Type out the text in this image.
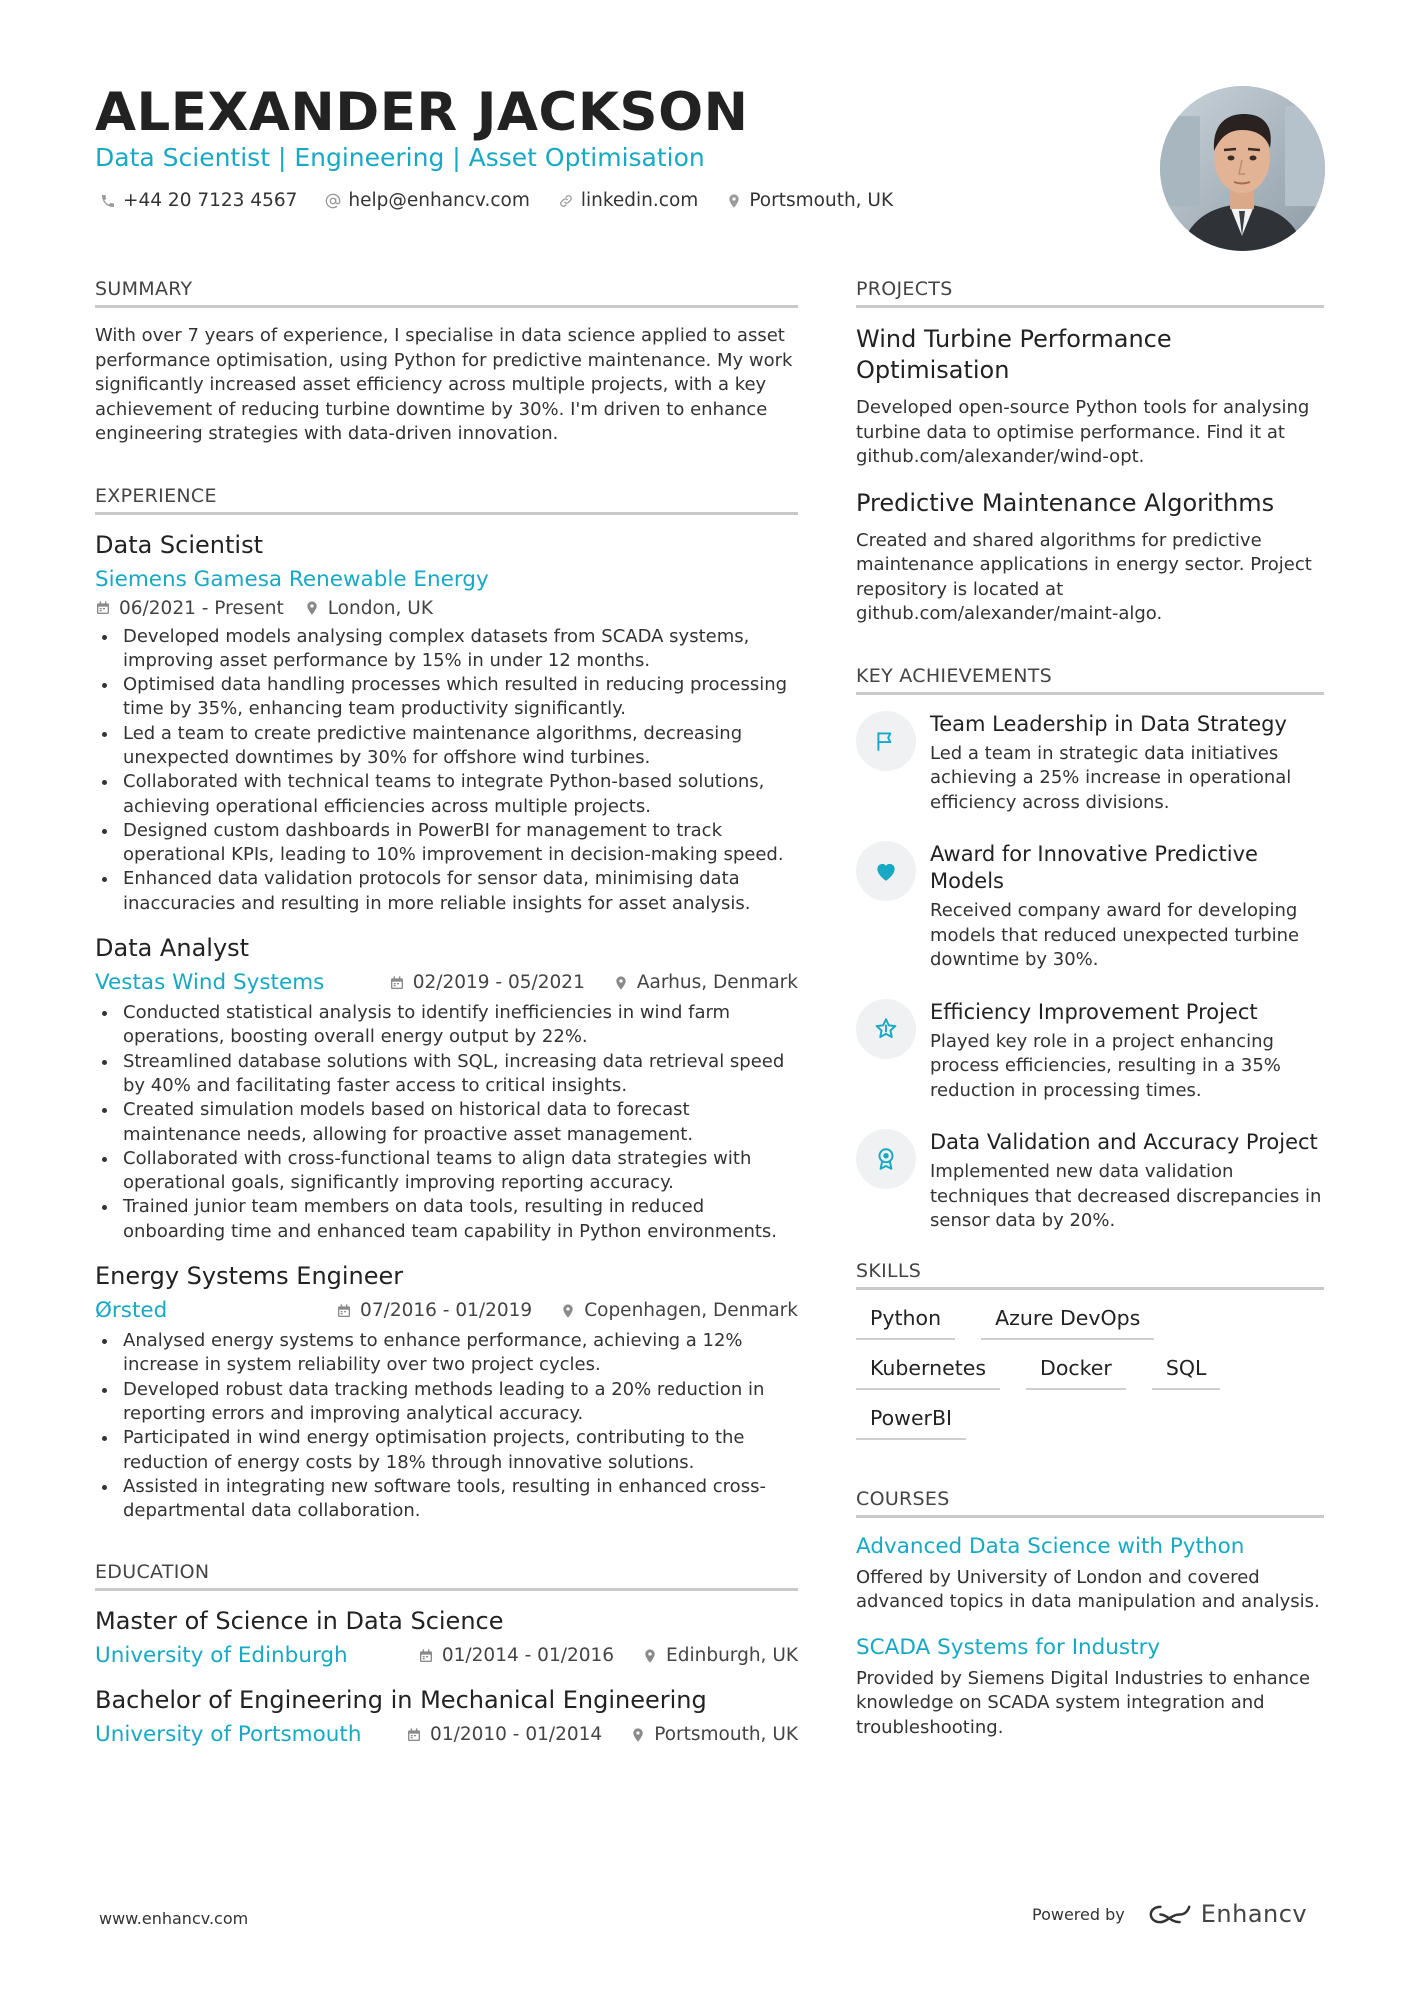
ALEXANDER JACKSON
Data Scientist | Engineering | Asset Optimisation
+44 20 7123 4567	help@enhancv.com	linkedin.com	Portsmouth, UK
SUMMARY

With over 7 years of experience, I specialise in data science applied to asset performance optimisation, using Python for predictive maintenance. My work significantly increased asset efficiency across multiple projects, with a key achievement of reducing turbine downtime by 30%. I'm driven to enhance engineering strategies with data-driven innovation.

EXPERIENCE
Data Scientist
Siemens Gamesa Renewable Energy
06/2021 - Present London, UK
Developed models analysing complex datasets from SCADA systems, improving asset performance by 15% in under 12 months.
Optimised data handling processes which resulted in reducing processing time by 35%, enhancing team productivity significantly.
Led a team to create predictive maintenance algorithms, decreasing unexpected downtimes by 30% for offshore wind turbines.
Collaborated with technical teams to integrate Python-based solutions, achieving operational efficiencies across multiple projects.
Designed custom dashboards in PowerBI for management to track operational KPIs, leading to 10% improvement in decision-making speed.
Enhanced data validation protocols for sensor data, minimising data inaccuracies and resulting in more reliable insights for asset analysis.
Data Analyst
Vestas Wind Systems	02/2019 - 05/2021	Aarhus, Denmark
Conducted statistical analysis to identify inefficiencies in wind farm operations, boosting overall energy output by 22%.
Streamlined database solutions with SQL, increasing data retrieval speed by 40% and facilitating faster access to critical insights.
Created simulation models based on historical data to forecast maintenance needs, allowing for proactive asset management.
Collaborated with cross-functional teams to align data strategies with operational goals, significantly improving reporting accuracy.
Trained junior team members on data tools, resulting in reduced onboarding time and enhanced team capability in Python environments.
Energy Systems Engineer
Ørsted	07/2016 - 01/2019	Copenhagen, Denmark
Analysed energy systems to enhance performance, achieving a 12% increase in system reliability over two project cycles.
Developed robust data tracking methods leading to a 20% reduction in reporting errors and improving analytical accuracy.
Participated in wind energy optimisation projects, contributing to the reduction of energy costs by 18% through innovative solutions.
Assisted in integrating new software tools, resulting in enhanced cross-departmental data collaboration.
EDUCATION
Master of Science in Data Science
University of Edinburgh	01/2014 - 01/2016	Edinburgh, UK
Bachelor of Engineering in Mechanical Engineering
University of Portsmouth	01/2010 - 01/2014	Portsmouth, UK
PROJECTS
Wind Turbine Performance Optimisation

Developed open-source Python tools for analysing turbine data to optimise performance. Find it at github.com/alexander/wind-opt.

Predictive Maintenance Algorithms

Created and shared algorithms for predictive maintenance applications in energy sector. Project repository is located at github.com/alexander/maint-algo.

KEY ACHIEVEMENTS
Team Leadership in Data Strategy

Led a team in strategic data initiatives achieving a 25% increase in operational efficiency across divisions.

Award for Innovative Predictive Models

Received company award for developing models that reduced unexpected turbine downtime by 30%.

Efficiency Improvement Project

Played key role in a project enhancing process efficiencies, resulting in a 35% reduction in processing times.

Data Validation and Accuracy Project

Implemented new data validation techniques that decreased discrepancies in sensor data by 20%.

SKILLS
Python	Azure DevOps
Kubernetes	Docker	SQL
PowerBI
COURSES
Advanced Data Science with Python

Offered by University of London and covered advanced topics in data manipulation and analysis.

SCADA Systems for Industry

Provided by Siemens Digital Industries to enhance knowledge on SCADA system integration and troubleshooting.

www.enhancv.com	Powered by	Enhancv
